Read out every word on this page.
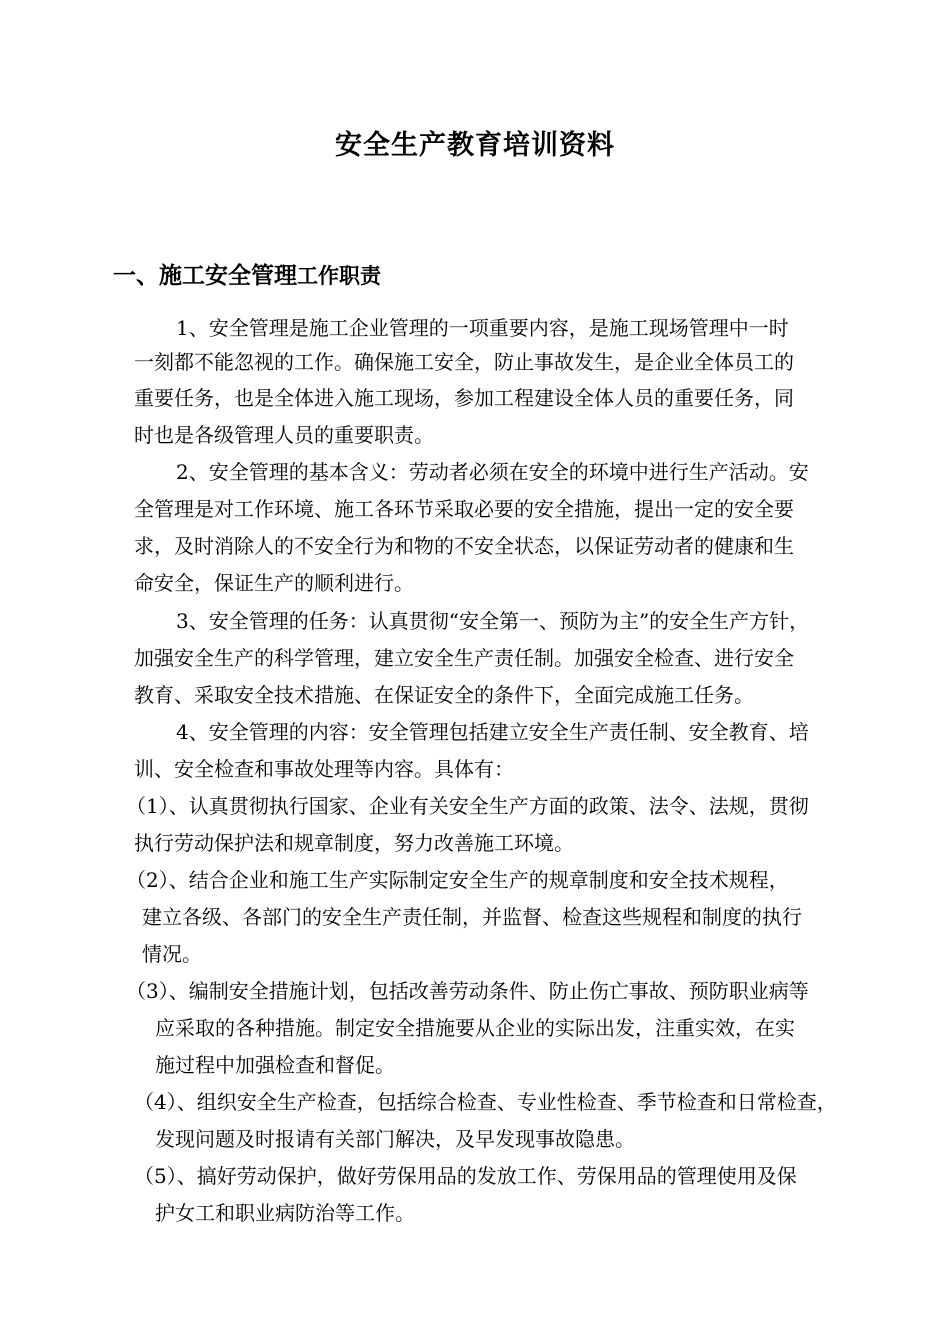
安全生产教育培训资料
一、施工安全管理工作职责
1、安全管理是施工企业管理的一项重要内容，是施工现场管理中一时
一刻都不能忽视的工作。确保施工安全，防止事故发生，是企业全体员工的
重要任务，也是全体进入施工现场，参加工程建设全体人员的重要任务，同
时也是各级管理人员的重要职责。
2、安全管理的基本含义：劳动者必须在安全的环境中进行生产活动。安
全管理是对工作环境、施工各环节采取必要的安全措施，提出一定的安全要
求，及时消除人的不安全行为和物的不安全状态，以保证劳动者的健康和生
命安全，保证生产的顺利进行。
3、安全管理的任务：认真贯彻“安全第一、预防为主”的安全生产方针，
加强安全生产的科学管理，建立安全生产责任制。加强安全检查、进行安全
教育、采取安全技术措施、在保证安全的条件下，全面完成施工任务。
4、安全管理的内容：安全管理包括建立安全生产责任制、安全教育、培
训、安全检查和事故处理等内容。具体有：
（1）、认真贯彻执行国家、企业有关安全生产方面的政策、法令、法规，贯彻
执行劳动保护法和规章制度，努力改善施工环境。
（2）、结合企业和施工生产实际制定安全生产的规章制度和安全技术规程，
建立各级、各部门的安全生产责任制，并监督、检查这些规程和制度的执行
情况。
（3）、编制安全措施计划，包括改善劳动条件、防止伤亡事故、预防职业病等
应采取的各种措施。制定安全措施要从企业的实际出发，注重实效，在实
施过程中加强检查和督促。
（4）、组织安全生产检查，包括综合检查、专业性检查、季节检查和日常检查，
发现问题及时报请有关部门解决，及早发现事故隐患。
（5）、搞好劳动保护，做好劳保用品的发放工作、劳保用品的管理使用及保
护女工和职业病防治等工作。
